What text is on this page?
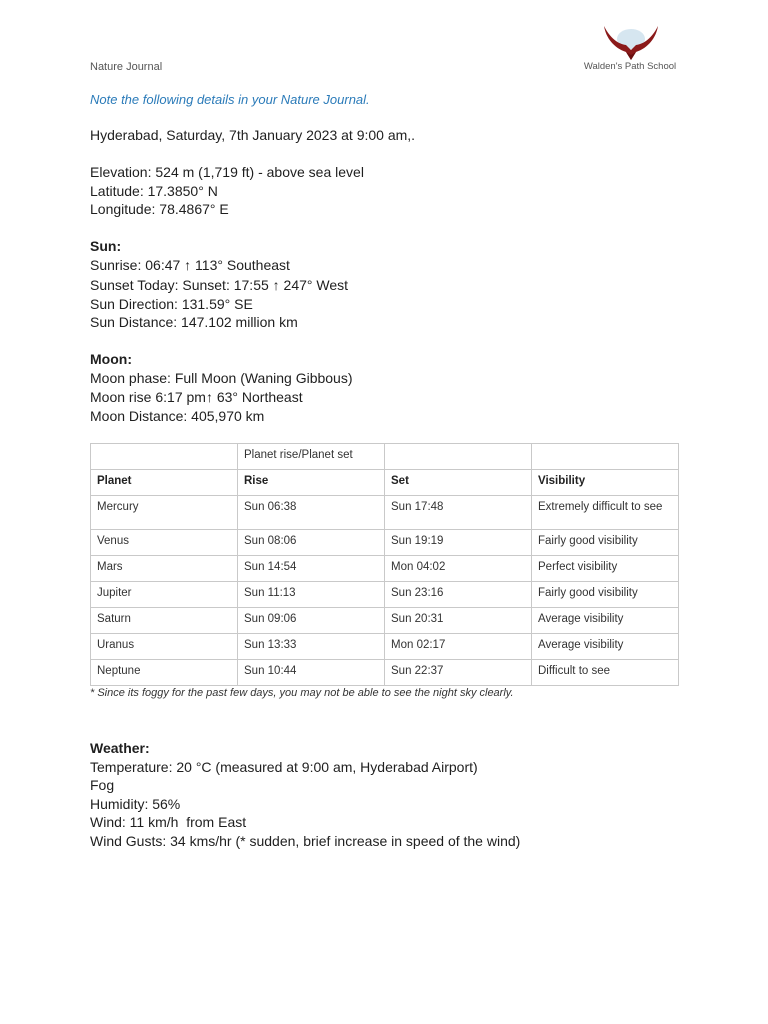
Nature Journal	Walden's Path School
Note the following details in your Nature Journal.
Hyderabad, Saturday, 7th January 2023 at 9:00 am,.
Elevation: 524 m (1,719 ft) - above sea level
Latitude: 17.3850° N
Longitude: 78.4867° E
Sun:
Sunrise: 06:47 ↑ 113° Southeast
Sunset Today: Sunset: 17:55 ↑ 247° West
Sun Direction: 131.59° SE
Sun Distance: 147.102 million km
Moon:
Moon phase: Full Moon (Waning Gibbous)
Moon rise 6:17 pm↑ 63° Northeast
Moon Distance: 405,970 km
	Planet rise/Planet set		
Planet	Rise	Set	Visibility
Mercury	Sun 06:38	Sun 17:48	Extremely difficult to see
Venus	Sun 08:06	Sun 19:19	Fairly good visibility
Mars	Sun 14:54	Mon 04:02	Perfect visibility
Jupiter	Sun 11:13	Sun 23:16	Fairly good visibility
Saturn	Sun 09:06	Sun 20:31	Average visibility
Uranus	Sun 13:33	Mon 02:17	Average visibility
Neptune	Sun 10:44	Sun 22:37	Difficult to see
* Since its foggy for the past few days, you may not be able to see the night sky clearly.
Weather:
Temperature: 20 °C (measured at 9:00 am, Hyderabad Airport)
Fog
Humidity: 56%
Wind: 11 km/h  from East
Wind Gusts: 34 kms/hr (* sudden, brief increase in speed of the wind)
